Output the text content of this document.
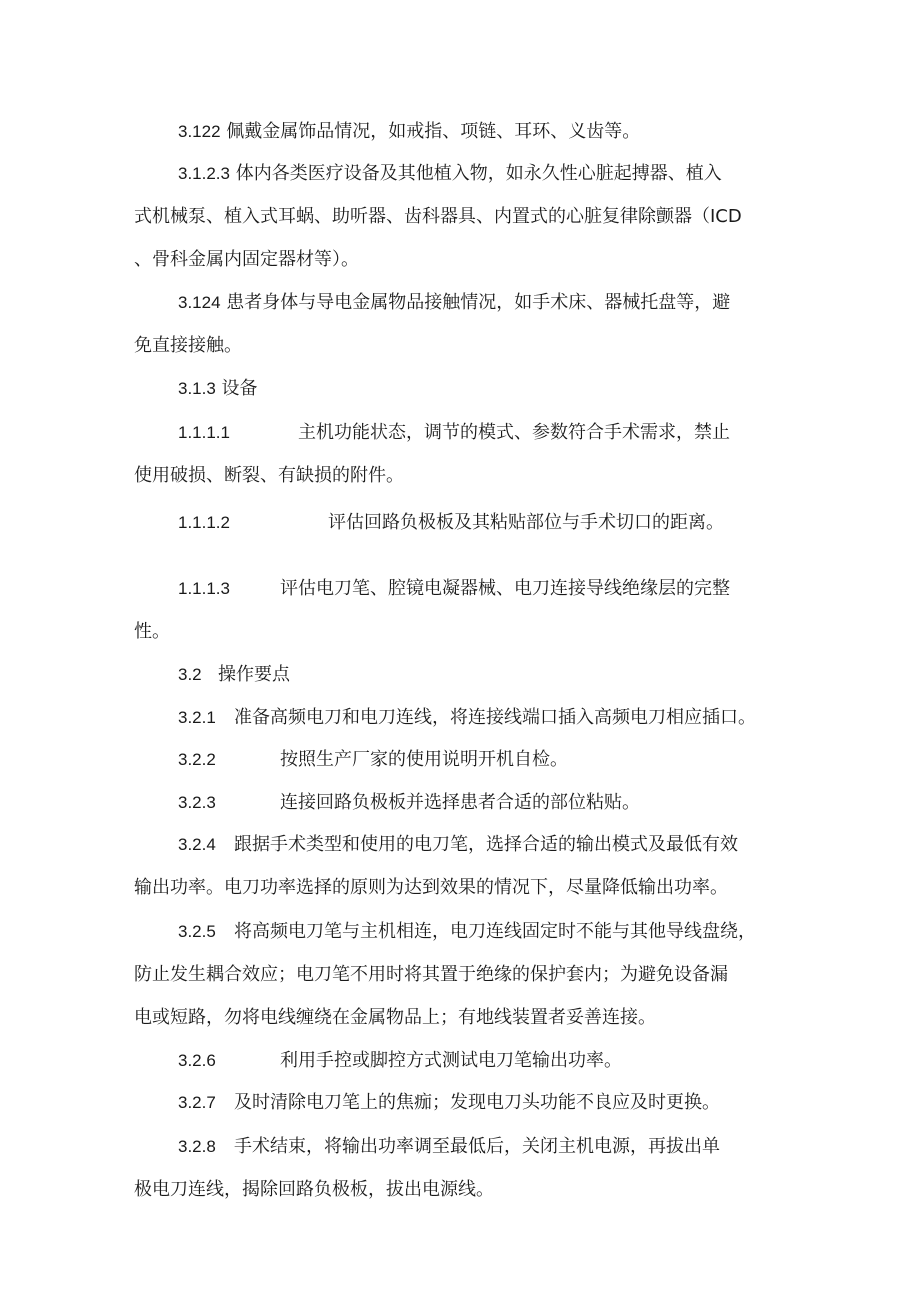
3.122 佩戴金属饰品情况，如戒指、项链、耳环、义齿等。
3.1.2.3 体内各类医疗设备及其他植入物，如永久性心脏起搏器、植入
式机械泵、植入式耳蜗、助听器、齿科器具、内置式的心脏复律除颤器（ICD
、骨科金属内固定器材等）。
3.124 患者身体与导电金属物品接触情况，如手术床、器械托盘等，避
免直接接触。
3.1.3 设备
1.1.1.1	主机功能状态，调节的模式、参数符合手术需求，禁止
使用破损、断裂、有缺损的附件。
1.1.1.2	评估回路负极板及其粘贴部位与手术切口的距离。
1.1.1.3	评估电刀笔、腔镜电凝器械、电刀连接导线绝缘层的完整
性。
3.2 操作要点
3.2.1 准备高频电刀和电刀连线，将连接线端口插入高频电刀相应插口。
3.2.2	按照生产厂家的使用说明开机自检。
3.2.3	连接回路负极板并选择患者合适的部位粘贴。
3.2.4 跟据手术类型和使用的电刀笔，选择合适的输出模式及最低有效
输出功率。电刀功率选择的原则为达到效果的情况下，尽量降低输出功率。
3.2.5 将高频电刀笔与主机相连，电刀连线固定时不能与其他导线盘绕，
防止发生耦合效应；电刀笔不用时将其置于绝缘的保护套内；为避免设备漏
电或短路，勿将电线缠绕在金属物品上；有地线装置者妥善连接。
3.2.6	利用手控或脚控方式测试电刀笔输出功率。
3.2.7 及时清除电刀笔上的焦痂；发现电刀头功能不良应及时更换。
3.2.8 手术结束，将输出功率调至最低后，关闭主机电源，再拔出单
极电刀连线，揭除回路负极板，拔出电源线。
